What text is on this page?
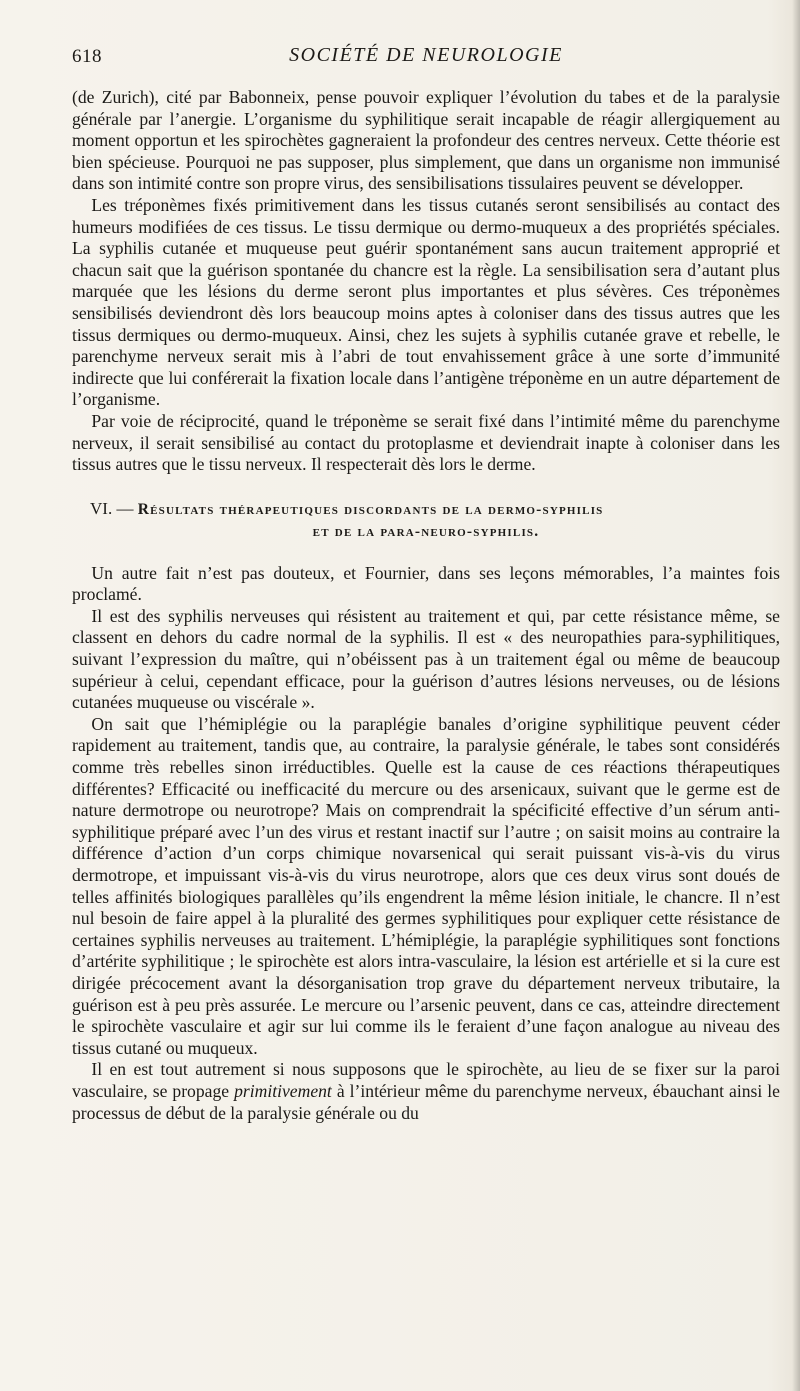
618	SOCIÉTÉ DE NEUROLOGIE

(de Zurich), cité par Babonneix, pense pouvoir expliquer l’évolution du tabes et de la paralysie générale par l’anergie. L’organisme du syphilitique serait incapable de réagir allergiquement au moment opportun et les spirochètes gagneraient la profondeur des centres nerveux. Cette théorie est bien spécieuse. Pourquoi ne pas supposer, plus simplement, que dans un organisme non immunisé dans son intimité contre son propre virus, des sensibilisations tissulaires peuvent se développer.

Les tréponèmes fixés primitivement dans les tissus cutanés seront sensibilisés au contact des humeurs modifiées de ces tissus. Le tissu dermique ou dermo-muqueux a des propriétés spéciales. La syphilis cutanée et muqueuse peut guérir spontanément sans aucun traitement approprié et chacun sait que la guérison spontanée du chancre est la règle. La sensibilisation sera d’autant plus marquée que les lésions du derme seront plus importantes et plus sévères. Ces tréponèmes sensibilisés deviendront dès lors beaucoup moins aptes à coloniser dans des tissus autres que les tissus dermiques ou dermo-muqueux. Ainsi, chez les sujets à syphilis cutanée grave et rebelle, le parenchyme nerveux serait mis à l’abri de tout envahissement grâce à une sorte d’immunité indirecte que lui conférerait la fixation locale dans l’antigène tréponème en un autre département de l’organisme.

Par voie de réciprocité, quand le tréponème se serait fixé dans l’intimité même du parenchyme nerveux, il serait sensibilisé au contact du protoplasme et deviendrait inapte à coloniser dans les tissus autres que le tissu nerveux. Il respecterait dès lors le derme.

VI. — Résultats thérapeutiques discordants de la dermo-syphilis
et de la para-neuro-syphilis.

Un autre fait n’est pas douteux, et Fournier, dans ses leçons mémorables, l’a maintes fois proclamé.

Il est des syphilis nerveuses qui résistent au traitement et qui, par cette résistance même, se classent en dehors du cadre normal de la syphilis. Il est « des neuropathies para-syphilitiques, suivant l’expression du maître, qui n’obéissent pas à un traitement égal ou même de beaucoup supérieur à celui, cependant efficace, pour la guérison d’autres lésions nerveuses, ou de lésions cutanées muqueuse ou viscérale ».

On sait que l’hémiplégie ou la paraplégie banales d’origine syphilitique peuvent céder rapidement au traitement, tandis que, au contraire, la paralysie générale, le tabes sont considérés comme très rebelles sinon irréductibles. Quelle est la cause de ces réactions thérapeutiques différentes? Efficacité ou inefficacité du mercure ou des arsenicaux, suivant que le germe est de nature dermotrope ou neurotrope? Mais on comprendrait la spécificité effective d’un sérum anti-syphilitique préparé avec l’un des virus et restant inactif sur l’autre ; on saisit moins au contraire la différence d’action d’un corps chimique novarsenical qui serait puissant vis-à-vis du virus dermotrope, et impuissant vis-à-vis du virus neurotrope, alors que ces deux virus sont doués de telles affinités biologiques parallèles qu’ils engendrent la même lésion initiale, le chancre. Il n’est nul besoin de faire appel à la pluralité des germes syphilitiques pour expliquer cette résistance de certaines syphilis nerveuses au traitement. L’hémiplégie, la paraplégie syphilitiques sont fonctions d’artérite syphilitique ; le spirochète est alors intra-vasculaire, la lésion est artérielle et si la cure est dirigée précocement avant la désorganisation trop grave du département nerveux tributaire, la guérison est à peu près assurée. Le mercure ou l’arsenic peuvent, dans ce cas, atteindre directement le spirochète vasculaire et agir sur lui comme ils le feraient d’une façon analogue au niveau des tissus cutané ou muqueux.

Il en est tout autrement si nous supposons que le spirochète, au lieu de se fixer sur la paroi vasculaire, se propage primitivement à l’intérieur même du parenchyme nerveux, ébauchant ainsi le processus de début de la paralysie générale ou du
